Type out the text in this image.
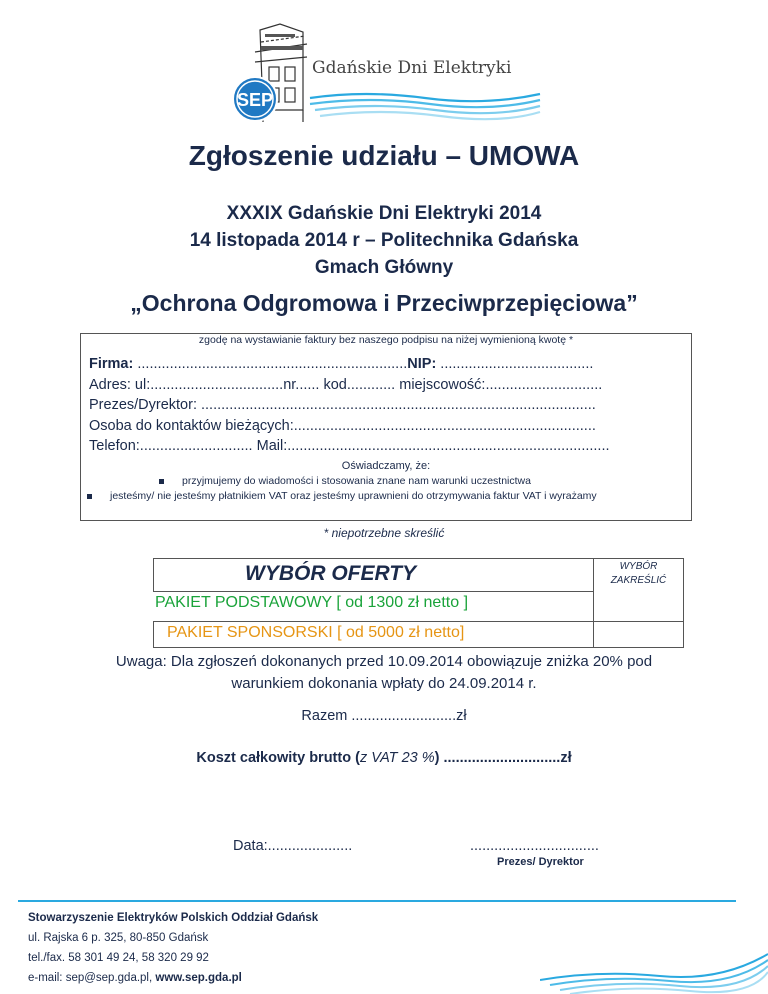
SEP
Gdańskie Dni Elektryki
Zgłoszenie udziału – UMOWA
XXXIX Gdańskie Dni Elektryki 2014
14 listopada 2014 r – Politechnika Gdańska
Gmach Główny
„Ochrona Odgromowa i Przeciwprzepięciowa”
Firma: ...................................................................NIP: ......................................
Adres: ul:.................................nr...... kod............ miejscowość:.............................
Prezes/Dyrektor: ..................................................................................................
Osoba do kontaktów bieżących:...........................................................................
Telefon:............................ Mail:................................................................................
Oświadczamy, że:
przyjmujemy do wiadomości i stosowania znane nam warunki uczestnictwa
jesteśmy/ nie jesteśmy płatnikiem VAT oraz jesteśmy uprawnieni do otrzymywania faktur VAT i wyrażamy
zgodę na wystawianie faktury bez naszego podpisu na niżej wymienioną kwotę *
* niepotrzebne skreślić
WYBÓR OFERTY	WYBÓR
ZAKREŚLIĆ
PAKIET PODSTAWOWY [ od 1300 zł netto ]
PAKIET SPONSORSKI [ od 5000 zł netto]
Uwaga: Dla zgłoszeń dokonanych przed 10.09.2014 obowiązuje zniżka 20% pod
warunkiem dokonania wpłaty do 24.09.2014 r.
Razem ..........................zł
Koszt całkowity brutto (z VAT 23 %) .............................zł
Data:.....................	................................
Prezes/ Dyrektor
Stowarzyszenie Elektryków Polskich Oddział Gdańsk
ul. Rajska 6 p. 325, 80-850 Gdańsk
tel./fax. 58 301 49 24, 58 320 29 92
e-mail: sep@sep.gda.pl, www.sep.gda.pl
